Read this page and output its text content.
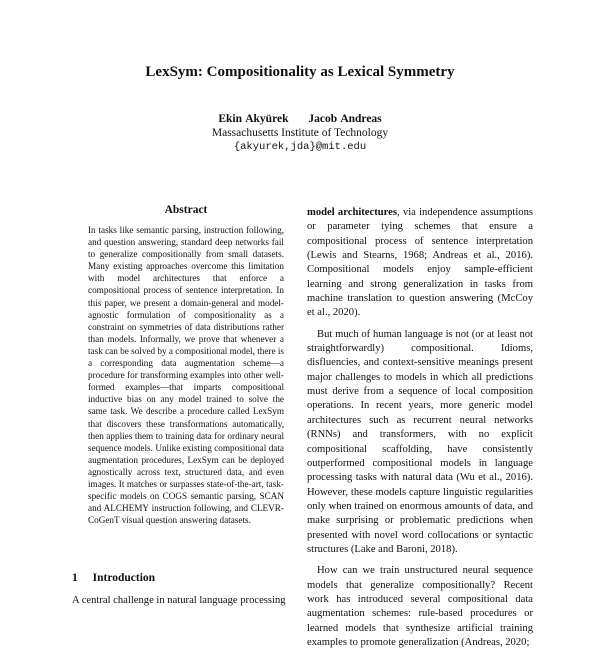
LexSym: Compositionality as Lexical Symmetry
Ekin Akyürek Jacob Andreas
Massachusetts Institute of Technology
{akyurek,jda}@mit.edu
Abstract

In tasks like semantic parsing, instruction following, and question answering, standard deep networks fail to generalize compositionally from small datasets. Many existing approaches overcome this limitation with model architectures that enforce a compositional process of sentence interpretation. In this paper, we present a domain-general and model-agnostic formulation of compositionality as a constraint on symmetries of data distributions rather than models. Informally, we prove that whenever a task can be solved by a compositional model, there is a corresponding data augmentation scheme—a procedure for transforming examples into other well-formed examples—that imparts compositional inductive bias on any model trained to solve the same task. We describe a procedure called LexSym that discovers these transformations automatically, then applies them to training data for ordinary neural sequence models. Unlike existing compositional data augmentation procedures, LexSym can be deployed agnostically across text, structured data, and even images. It matches or surpasses state-of-the-art, task-specific models on COGS semantic parsing, SCAN and ALCHEMY instruction following, and CLEVR-CoGenT visual question answering datasets.

1 Introduction
A central challenge in natural language processing

model architectures, via independence assumptions or parameter tying schemes that ensure a compositional process of sentence interpretation (Lewis and Stearns, 1968; Andreas et al., 2016). Compositional models enjoy sample-efficient learning and strong generalization in tasks from machine translation to question answering (McCoy et al., 2020).

But much of human language is not (or at least not straightforwardly) compositional. Idioms, disfluencies, and context-sensitive meanings present major challenges to models in which all predictions must derive from a sequence of local composition operations. In recent years, more generic model architectures such as recurrent neural networks (RNNs) and transformers, with no explicit compositional scaffolding, have consistently outperformed compositional models in language processing tasks with natural data (Wu et al., 2016). However, these models capture linguistic regularities only when trained on enormous amounts of data, and make surprising or problematic predictions when presented with novel word collocations or syntactic structures (Lake and Baroni, 2018).

How can we train unstructured neural sequence models that generalize compositionally? Recent work has introduced several compositional data augmentation schemes: rule-based procedures or learned models that synthesize artificial training examples to promote generalization (Andreas, 2020;
